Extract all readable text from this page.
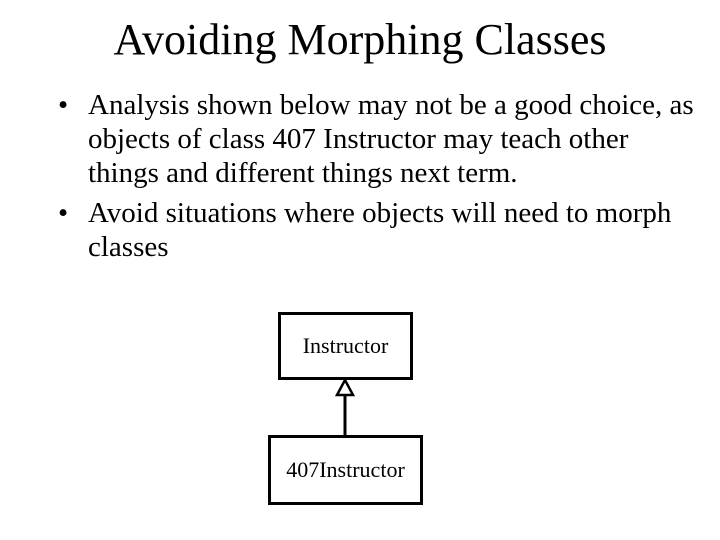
Avoiding Morphing Classes
• Analysis shown below may not be a good choice, as objects of class 407 Instructor may teach other things and different things next term.
• Avoid situations where objects will need to morph classes
Instructor
407Instructor
